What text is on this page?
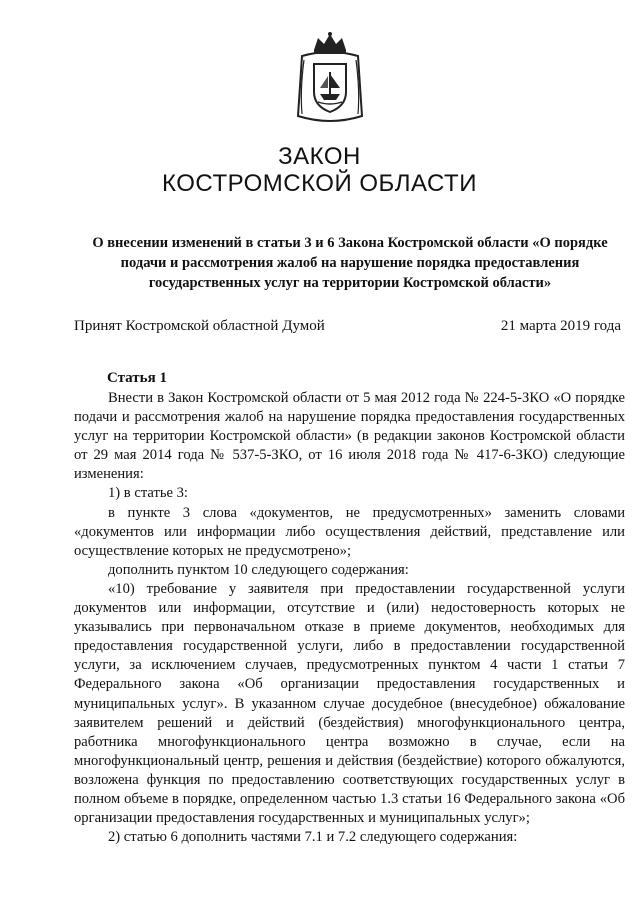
ЗАКОН
КОСТРОМСКОЙ ОБЛАСТИ
О внесении изменений в статьи 3 и 6 Закона Костромской области «О порядке подачи и рассмотрения жалоб на нарушение порядка предоставления государственных услуг на территории Костромской области»
Принят Костромской областной Думой	21 марта 2019 года
Статья 1

Внести в Закон Костромской области от 5 мая 2012 года № 224-5-ЗКО «О порядке подачи и рассмотрения жалоб на нарушение порядка предоставления государственных услуг на территории Костромской области» (в редакции законов Костромской области от 29 мая 2014 года № 537-5-ЗКО, от 16 июля 2018 года № 417-6-ЗКО) следующие изменения:

1) в статье 3:

в пункте 3 слова «документов, не предусмотренных» заменить словами «документов или информации либо осуществления действий, представление или осуществление которых не предусмотрено»;

дополнить пунктом 10 следующего содержания:

«10) требование у заявителя при предоставлении государственной услуги документов или информации, отсутствие и (или) недостоверность которых не указывались при первоначальном отказе в приеме документов, необходимых для предоставления государственной услуги, либо в предоставлении государственной услуги, за исключением случаев, предусмотренных пунктом 4 части 1 статьи 7 Федерального закона «Об организации предоставления государственных и муниципальных услуг». В указанном случае досудебное (внесудебное) обжалование заявителем решений и действий (бездействия) многофункционального центра, работника многофункционального центра возможно в случае, если на многофункциональный центр, решения и действия (бездействие) которого обжалуются, возложена функция по предоставлению соответствующих государственных услуг в полном объеме в порядке, определенном частью 1.3 статьи 16 Федерального закона «Об организации предоставления государственных и муниципальных услуг»;

2) статью 6 дополнить частями 7.1 и 7.2 следующего содержания:
